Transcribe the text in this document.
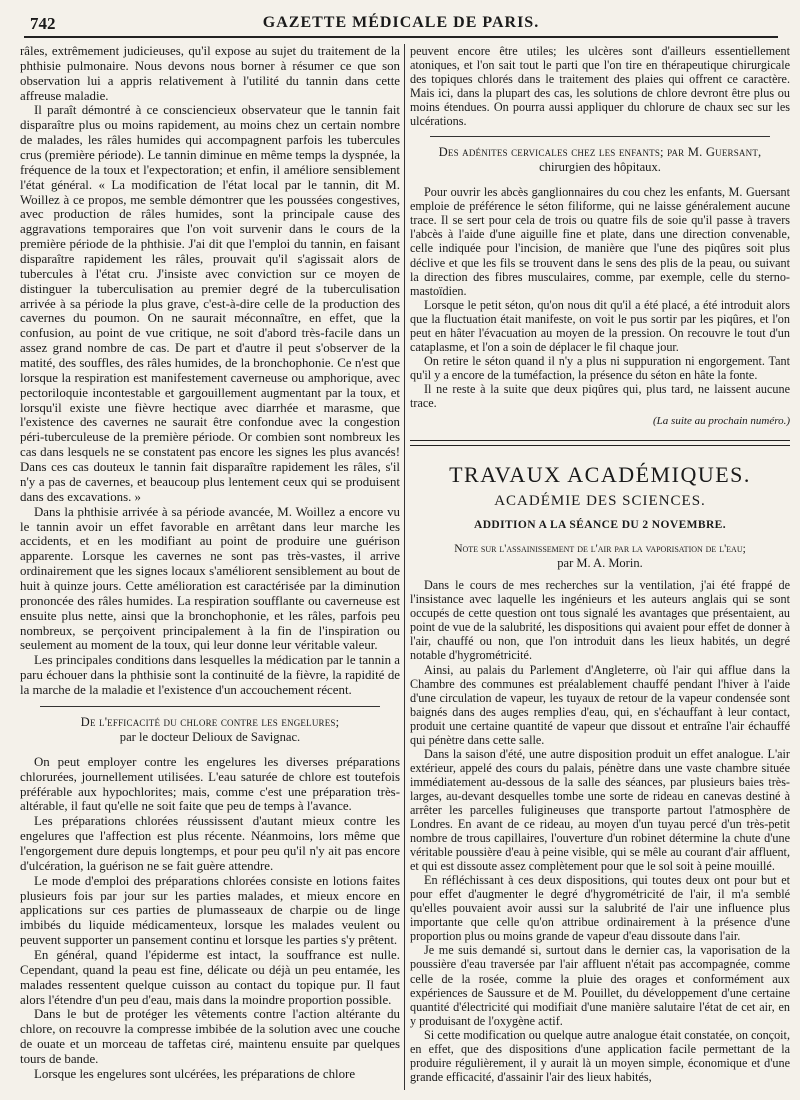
742	GAZETTE MÉDICALE DE PARIS.

râles, extrêmement judicieuses, qu'il expose au sujet du traitement de la phthisie pulmonaire. Nous devons nous borner à résumer ce que son observation lui a appris relativement à l'utilité du tannin dans cette affreuse maladie.

Il paraît démontré à ce consciencieux observateur que le tannin fait disparaître plus ou moins rapidement, au moins chez un certain nombre de malades, les râles humides qui accompagnent parfois les tubercules crus (première période). Le tannin diminue en même temps la dyspnée, la fréquence de la toux et l'expectoration; et enfin, il améliore sensiblement l'état général. « La modification de l'état local par le tannin, dit M. Woillez à ce propos, me semble démontrer que les poussées congestives, avec production de râles humides, sont la principale cause des aggravations temporaires que l'on voit survenir dans le cours de la première période de la phthisie. J'ai dit que l'emploi du tannin, en faisant disparaître rapidement les râles, prouvait qu'il s'agissait alors de tubercules à l'état cru. J'insiste avec conviction sur ce moyen de distinguer la tuberculisation au premier degré de la tuberculisation arrivée à sa période la plus grave, c'est-à-dire celle de la production des cavernes du poumon. On ne saurait méconnaître, en effet, que la confusion, au point de vue critique, ne soit d'abord très-facile dans un assez grand nombre de cas. De part et d'autre il peut s'observer de la matité, des souffles, des râles humides, de la bronchophonie. Ce n'est que lorsque la respiration est manifestement caverneuse ou amphorique, avec pectoriloquie incontestable et gargouillement augmentant par la toux, et lorsqu'il existe une fièvre hectique avec diarrhée et marasme, que l'existence des cavernes ne saurait être confondue avec la congestion péri-tuberculeuse de la première période. Or combien sont nombreux les cas dans lesquels ne se constatent pas encore les signes les plus avancés! Dans ces cas douteux le tannin fait disparaître rapidement les râles, s'il n'y a pas de cavernes, et beaucoup plus lentement ceux qui se produisent dans des excavations. »

Dans la phthisie arrivée à sa période avancée, M. Woillez a encore vu le tannin avoir un effet favorable en arrêtant dans leur marche les accidents, et en les modifiant au point de produire une guérison apparente. Lorsque les cavernes ne sont pas très-vastes, il arrive ordinairement que les signes locaux s'améliorent sensiblement au bout de huit à quinze jours. Cette amélioration est caractérisée par la diminution prononcée des râles humides. La respiration soufflante ou caverneuse est ensuite plus nette, ainsi que la bronchophonie, et les râles, parfois peu nombreux, se perçoivent principalement à la fin de l'inspiration ou seulement au moment de la toux, qui leur donne leur véritable valeur.

Les principales conditions dans lesquelles la médication par le tannin a paru échouer dans la phthisie sont la continuité de la fièvre, la rapidité de la marche de la maladie et l'existence d'un accouchement récent.

De l'efficacité du chlore contre les engelures;
par le docteur Delioux de Savignac.

On peut employer contre les engelures les diverses préparations chlorurées, journellement utilisées. L'eau saturée de chlore est toutefois préférable aux hypochlorites; mais, comme c'est une préparation très-altérable, il faut qu'elle ne soit faite que peu de temps à l'avance.

Les préparations chlorées réussissent d'autant mieux contre les engelures que l'affection est plus récente. Néanmoins, lors même que l'engorgement dure depuis longtemps, et pour peu qu'il n'y ait pas encore d'ulcération, la guérison ne se fait guère attendre.

Le mode d'emploi des préparations chlorées consiste en lotions faites plusieurs fois par jour sur les parties malades, et mieux encore en applications sur ces parties de plumasseaux de charpie ou de linge imbibés du liquide médicamenteux, lorsque les malades veulent ou peuvent supporter un pansement continu et lorsque les parties s'y prêtent.

En général, quand l'épiderme est intact, la souffrance est nulle. Cependant, quand la peau est fine, délicate ou déjà un peu entamée, les malades ressentent quelque cuisson au contact du topique pur. Il faut alors l'étendre d'un peu d'eau, mais dans la moindre proportion possible.

Dans le but de protéger les vêtements contre l'action altérante du chlore, on recouvre la compresse imbibée de la solution avec une couche de ouate et un morceau de taffetas ciré, maintenu ensuite par quelques tours de bande.

Lorsque les engelures sont ulcérées, les préparations de chlore

peuvent encore être utiles; les ulcères sont d'ailleurs essentiellement atoniques, et l'on sait tout le parti que l'on tire en thérapeutique chirurgicale des topiques chlorés dans le traitement des plaies qui offrent ce caractère. Mais ici, dans la plupart des cas, les solutions de chlore devront être plus ou moins étendues. On pourra aussi appliquer du chlorure de chaux sec sur les ulcérations.

Des adénites cervicales chez les enfants; par M. Guersant,
chirurgien des hôpitaux.

Pour ouvrir les abcès ganglionnaires du cou chez les enfants, M. Guersant emploie de préférence le séton filiforme, qui ne laisse généralement aucune trace. Il se sert pour cela de trois ou quatre fils de soie qu'il passe à travers l'abcès à l'aide d'une aiguille fine et plate, dans une direction convenable, celle indiquée pour l'incision, de manière que l'une des piqûres soit plus déclive et que les fils se trouvent dans le sens des plis de la peau, ou suivant la direction des fibres musculaires, comme, par exemple, celle du sterno-mastoïdien.

Lorsque le petit séton, qu'on nous dit qu'il a été placé, a été introduit alors que la fluctuation était manifeste, on voit le pus sortir par les piqûres, et l'on peut en hâter l'évacuation au moyen de la pression. On recouvre le tout d'un cataplasme, et l'on a soin de déplacer le fil chaque jour.

On retire le séton quand il n'y a plus ni suppuration ni engorgement. Tant qu'il y a encore de la tuméfaction, la présence du séton en hâte la fonte.

Il ne reste à la suite que deux piqûres qui, plus tard, ne laissent aucune trace.

(La suite au prochain numéro.)
TRAVAUX ACADÉMIQUES.
ACADÉMIE DES SCIENCES.
ADDITION A LA SÉANCE DU 2 NOVEMBRE.
Note sur l'assainissement de l'air par la vaporisation de l'eau;
par M. A. Morin.

Dans le cours de mes recherches sur la ventilation, j'ai été frappé de l'insistance avec laquelle les ingénieurs et les auteurs anglais qui se sont occupés de cette question ont tous signalé les avantages que présentaient, au point de vue de la salubrité, les dispositions qui avaient pour effet de donner à l'air, chauffé ou non, que l'on introduit dans les lieux habités, un degré notable d'hygrométricité.

Ainsi, au palais du Parlement d'Angleterre, où l'air qui afflue dans la Chambre des communes est préalablement chauffé pendant l'hiver à l'aide d'une circulation de vapeur, les tuyaux de retour de la vapeur condensée sont baignés dans des auges remplies d'eau, qui, en s'échauffant à leur contact, produit une certaine quantité de vapeur que dissout et entraîne l'air échauffé qui pénètre dans cette salle.

Dans la saison d'été, une autre disposition produit un effet analogue. L'air extérieur, appelé des cours du palais, pénètre dans une vaste chambre située immédiatement au-dessous de la salle des séances, par plusieurs baies très-larges, au-devant desquelles tombe une sorte de rideau en canevas destiné à arrêter les parcelles fuligineuses que transporte partout l'atmosphère de Londres. En avant de ce rideau, au moyen d'un tuyau percé d'un très-petit nombre de trous capillaires, l'ouverture d'un robinet détermine la chute d'une véritable poussière d'eau à peine visible, qui se mêle au courant d'air affluent, et qui est dissoute assez complètement pour que le sol soit à peine mouillé.

En réfléchissant à ces deux dispositions, qui toutes deux ont pour but et pour effet d'augmenter le degré d'hygrométricité de l'air, il m'a semblé qu'elles pouvaient avoir aussi sur la salubrité de l'air une influence plus importante que celle qu'on attribue ordinairement à la présence d'une proportion plus ou moins grande de vapeur d'eau dissoute dans l'air.

Je me suis demandé si, surtout dans le dernier cas, la vaporisation de la poussière d'eau traversée par l'air affluent n'était pas accompagnée, comme celle de la rosée, comme la pluie des orages et conformément aux expériences de Saussure et de M. Pouillet, du développement d'une certaine quantité d'électricité qui modifiait d'une manière salutaire l'état de cet air, en y produisant de l'oxygène actif.

Si cette modification ou quelque autre analogue était constatée, on conçoit, en effet, que des dispositions d'une application facile permettant de la produire régulièrement, il y aurait là un moyen simple, économique et d'une grande efficacité, d'assainir l'air des lieux habités,
